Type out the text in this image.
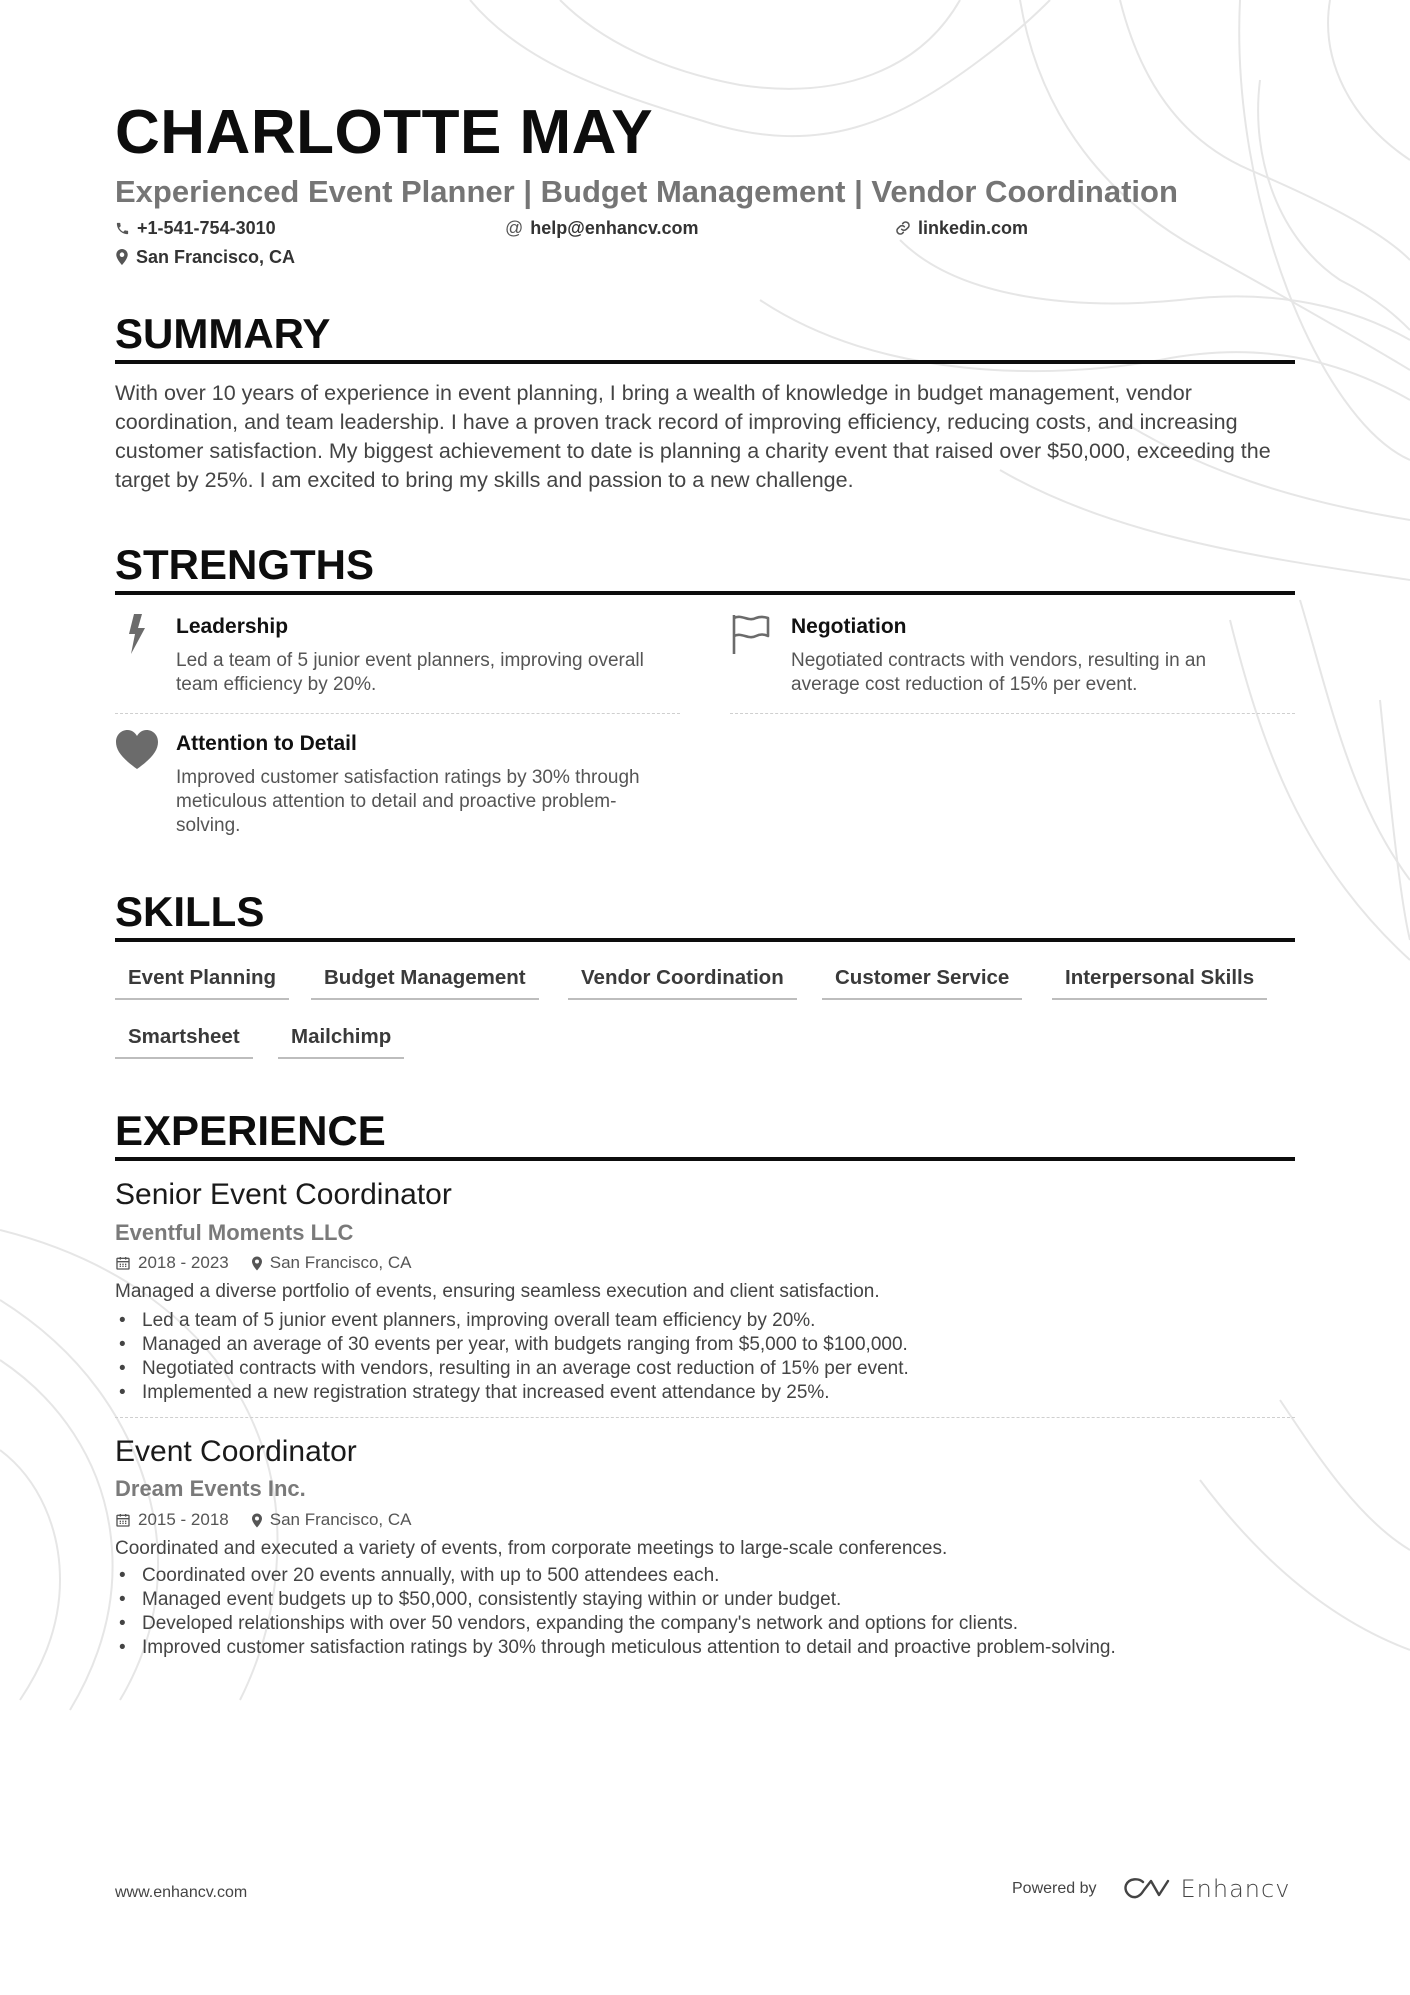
CHARLOTTE MAY
Experienced Event Planner | Budget Management | Vendor Coordination
+1-541-754-3010	@ help@enhancv.com	linkedin.com
San Francisco, CA
SUMMARY

With over 10 years of experience in event planning, I bring a wealth of knowledge in budget management, vendor coordination, and team leadership. I have a proven track record of improving efficiency, reducing costs, and increasing customer satisfaction. My biggest achievement to date is planning a charity event that raised over $50,000, exceeding the target by 25%. I am excited to bring my skills and passion to a new challenge.

STRENGTHS
Leadership

Led a team of 5 junior event planners, improving overall team efficiency by 20%.

Negotiation

Negotiated contracts with vendors, resulting in an average cost reduction of 15% per event.

Attention to Detail

Improved customer satisfaction ratings by 30% through meticulous attention to detail and proactive problem-solving.

SKILLS
Event Planning	Budget Management	Vendor Coordination	Customer Service	Interpersonal Skills
Smartsheet	Mailchimp
EXPERIENCE
Senior Event Coordinator
Eventful Moments LLC
2018 - 2023 San Francisco, CA

Managed a diverse portfolio of events, ensuring seamless execution and client satisfaction.

• Led a team of 5 junior event planners, improving overall team efficiency by 20%.
• Managed an average of 30 events per year, with budgets ranging from $5,000 to $100,000.
• Negotiated contracts with vendors, resulting in an average cost reduction of 15% per event.
• Implemented a new registration strategy that increased event attendance by 25%.
Event Coordinator
Dream Events Inc.
2015 - 2018 San Francisco, CA

Coordinated and executed a variety of events, from corporate meetings to large-scale conferences.

• Coordinated over 20 events annually, with up to 500 attendees each.
• Managed event budgets up to $50,000, consistently staying within or under budget.
• Developed relationships with over 50 vendors, expanding the company's network and options for clients.
• Improved customer satisfaction ratings by 30% through meticulous attention to detail and proactive problem-solving.
www.enhancv.com	Powered by	Enhancv
